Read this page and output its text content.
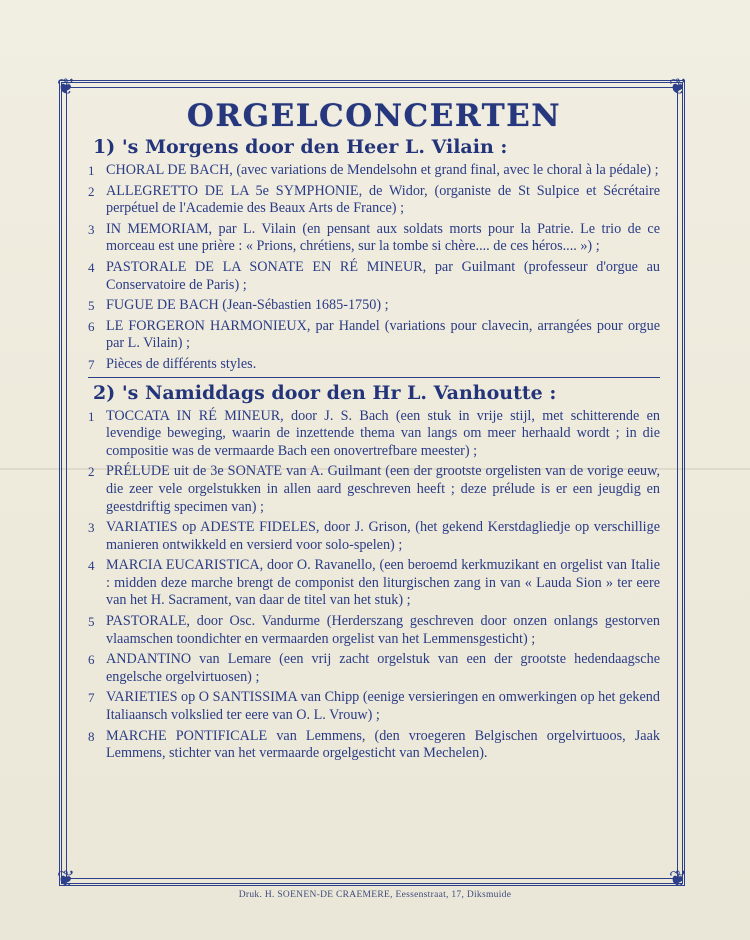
❦	❦
❦	❦
ORGELCONCERTEN
1) 's Morgens door den Heer L. Vilain :
1 CHORAL DE BACH, (avec variations de Mendelsohn et grand final, avec le choral à la pédale) ;
2 ALLEGRETTO DE LA 5e SYMPHONIE, de Widor, (organiste de St Sulpice et Sécrétaire perpétuel de l'Academie des Beaux Arts de France) ;
3 IN MEMORIAM, par L. Vilain (en pensant aux soldats morts pour la Patrie. Le trio de ce morceau est une prière : « Prions, chrétiens, sur la tombe si chère.... de ces héros.... ») ;
4 PASTORALE DE LA SONATE EN RÉ MINEUR, par Guilmant (professeur d'orgue au Conservatoire de Paris) ;
5 FUGUE DE BACH (Jean-Sébastien 1685-1750) ;
6 LE FORGERON HARMONIEUX, par Handel (variations pour clavecin, arrangées pour orgue par L. Vilain) ;
7 Pièces de différents styles.
2) 's Namiddags door den Hr L. Vanhoutte :
1 TOCCATA IN RÉ MINEUR, door J. S. Bach (een stuk in vrije stijl, met schitterende en levendige beweging, waarin de inzettende thema van langs om meer herhaald wordt ; in die compositie was de vermaarde Bach een onovertrefbare meester) ;
2 PRÉLUDE uit de 3e SONATE van A. Guilmant (een der grootste orgelisten van de vorige eeuw, die zeer vele orgelstukken in allen aard geschreven heeft ; deze prélude is er een jeugdig en geestdriftig specimen van) ;
3 VARIATIES op ADESTE FIDELES, door J. Grison, (het gekend Kerstdagliedje op verschillige manieren ontwikkeld en versierd voor solo-spelen) ;
4 MARCIA EUCARISTICA, door O. Ravanello, (een beroemd kerkmuzikant en orgelist van Italie : midden deze marche brengt de componist den liturgischen zang in van « Lauda Sion » ter eere van het H. Sacrament, van daar de titel van het stuk) ;
5 PASTORALE, door Osc. Vandurme (Herderszang geschreven door onzen onlangs gestorven vlaamschen toondichter en vermaarden orgelist van het Lemmensgesticht) ;
6 ANDANTINO van Lemare (een vrij zacht orgelstuk van een der grootste hedendaagsche engelsche orgelvirtuosen) ;
7 VARIETIES op O SANTISSIMA van Chipp (eenige versieringen en omwerkingen op het gekend Italiaansch volkslied ter eere van O. L. Vrouw) ;
8 MARCHE PONTIFICALE van Lemmens, (den vroegeren Belgischen orgelvirtuoos, Jaak Lemmens, stichter van het vermaarde orgelgesticht van Mechelen).
Druk. H. SOENEN-DE CRAEMERE, Eessenstraat, 17, Diksmuide
